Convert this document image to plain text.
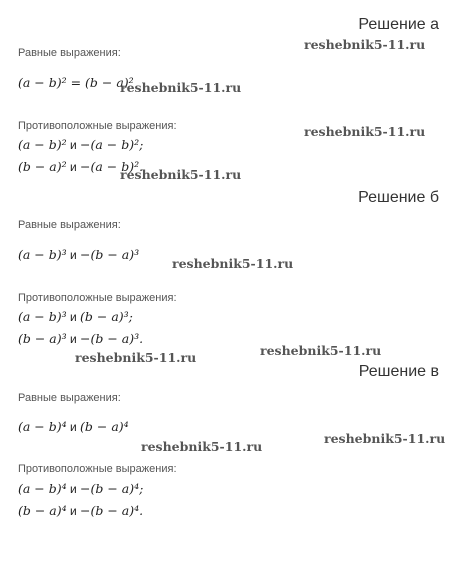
Решение а
reshebnik5-11.ru
Равные выражения:
(a − b)² = (b − a)²
reshebnik5-11.ru
Противоположные выражения:	reshebnik5-11.ru
(a − b)² и −(a − b)²;
(b − a)² и −(a − b)².
reshebnik5-11.ru
Решение б
Равные выражения:
(a − b)³ и −(b − a)³
reshebnik5-11.ru
Противоположные выражения:
(a − b)³ и (b − a)³;
(b − a)³ и −(b − a)³.
reshebnik5-11.ru
reshebnik5-11.ru
Решение в
Равные выражения:
(a − b)⁴ и (b − a)⁴
reshebnik5-11.ru
reshebnik5-11.ru
Противоположные выражения:
(a − b)⁴ и −(b − a)⁴;
(b − a)⁴ и −(b − a)⁴.
